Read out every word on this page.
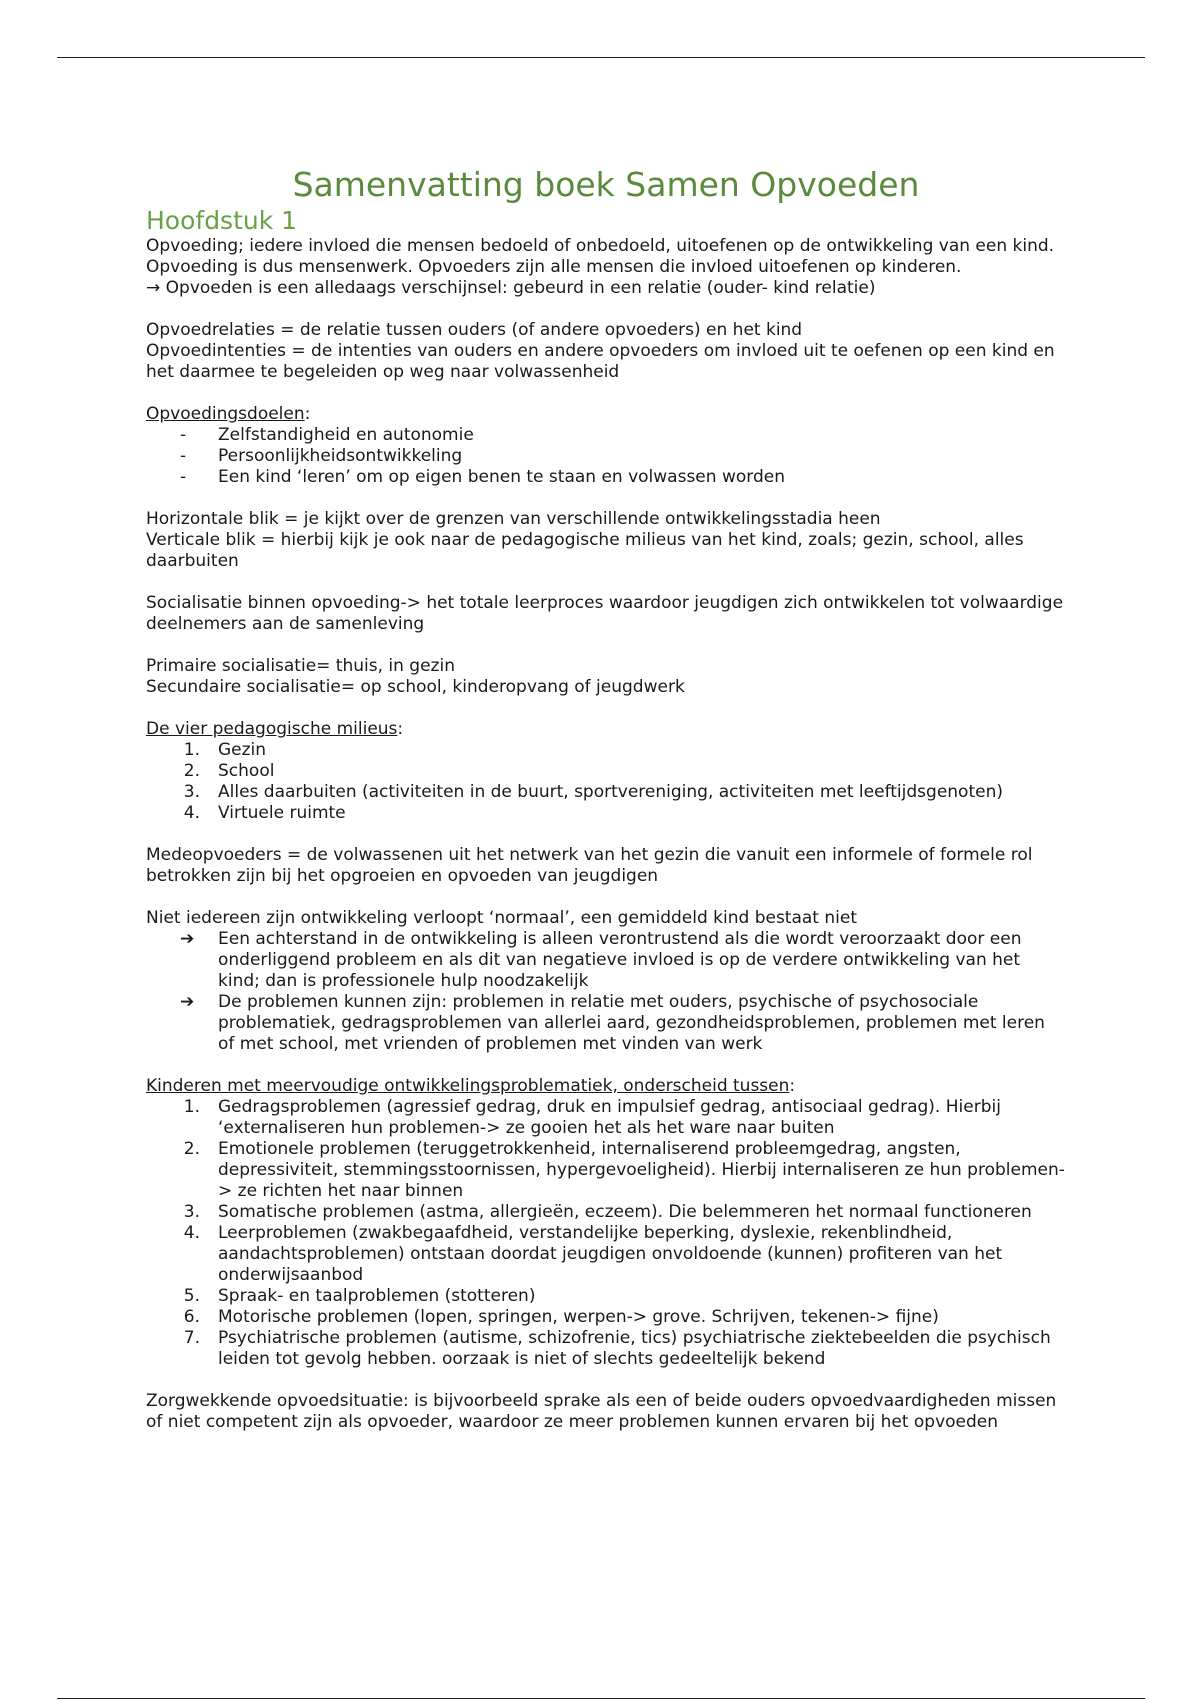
Samenvatting boek Samen Opvoeden
Hoofdstuk 1

Opvoeding; iedere invloed die mensen bedoeld of onbedoeld, uitoefenen op de ontwikkeling van een kind. Opvoeding is dus mensenwerk. Opvoeders zijn alle mensen die invloed uitoefenen op kinderen.

→ Opvoeden is een alledaags verschijnsel: gebeurd in een relatie (ouder- kind relatie)

Opvoedrelaties = de relatie tussen ouders (of andere opvoeders) en het kind

Opvoedintenties = de intenties van ouders en andere opvoeders om invloed uit te oefenen op een kind en het daarmee te begeleiden op weg naar volwassenheid

Opvoedingsdoelen:

- Zelfstandigheid en autonomie
- Persoonlijkheidsontwikkeling
- Een kind ‘leren’ om op eigen benen te staan en volwassen worden

Horizontale blik = je kijkt over de grenzen van verschillende ontwikkelingsstadia heen

Verticale blik = hierbij kijk je ook naar de pedagogische milieus van het kind, zoals; gezin, school, alles daarbuiten

Socialisatie binnen opvoeding-> het totale leerproces waardoor jeugdigen zich ontwikkelen tot volwaardige deelnemers aan de samenleving

Primaire socialisatie= thuis, in gezin

Secundaire socialisatie= op school, kinderopvang of jeugdwerk

De vier pedagogische milieus:

1. Gezin
2. School
3. Alles daarbuiten (activiteiten in de buurt, sportvereniging, activiteiten met leeftijdsgenoten)
4. Virtuele ruimte

Medeopvoeders = de volwassenen uit het netwerk van het gezin die vanuit een informele of formele rol betrokken zijn bij het opgroeien en opvoeden van jeugdigen

Niet iedereen zijn ontwikkeling verloopt ‘normaal’, een gemiddeld kind bestaat niet

➔ Een achterstand in de ontwikkeling is alleen verontrustend als die wordt veroorzaakt door een onderliggend probleem en als dit van negatieve invloed is op de verdere ontwikkeling van het kind; dan is professionele hulp noodzakelijk
➔ De problemen kunnen zijn: problemen in relatie met ouders, psychische of psychosociale problematiek, gedragsproblemen van allerlei aard, gezondheidsproblemen, problemen met leren of met school, met vrienden of problemen met vinden van werk

Kinderen met meervoudige ontwikkelingsproblematiek, onderscheid tussen:

1. Gedragsproblemen (agressief gedrag, druk en impulsief gedrag, antisociaal gedrag). Hierbij ‘externaliseren hun problemen-> ze gooien het als het ware naar buiten
2. Emotionele problemen (teruggetrokkenheid, internaliserend probleemgedrag, angsten, depressiviteit, stemmingsstoornissen, hypergevoeligheid). Hierbij internaliseren ze hun problemen-> ze richten het naar binnen
3. Somatische problemen (astma, allergieën, eczeem). Die belemmeren het normaal functioneren
4. Leerproblemen (zwakbegaafdheid, verstandelijke beperking, dyslexie, rekenblindheid, aandachtsproblemen) ontstaan doordat jeugdigen onvoldoende (kunnen) profiteren van het onderwijsaanbod
5. Spraak- en taalproblemen (stotteren)
6. Motorische problemen (lopen, springen, werpen-> grove. Schrijven, tekenen-> fijne)
7. Psychiatrische problemen (autisme, schizofrenie, tics) psychiatrische ziektebeelden die psychisch leiden tot gevolg hebben. oorzaak is niet of slechts gedeeltelijk bekend

Zorgwekkende opvoedsituatie: is bijvoorbeeld sprake als een of beide ouders opvoedvaardigheden missen of niet competent zijn als opvoeder, waardoor ze meer problemen kunnen ervaren bij het opvoeden
